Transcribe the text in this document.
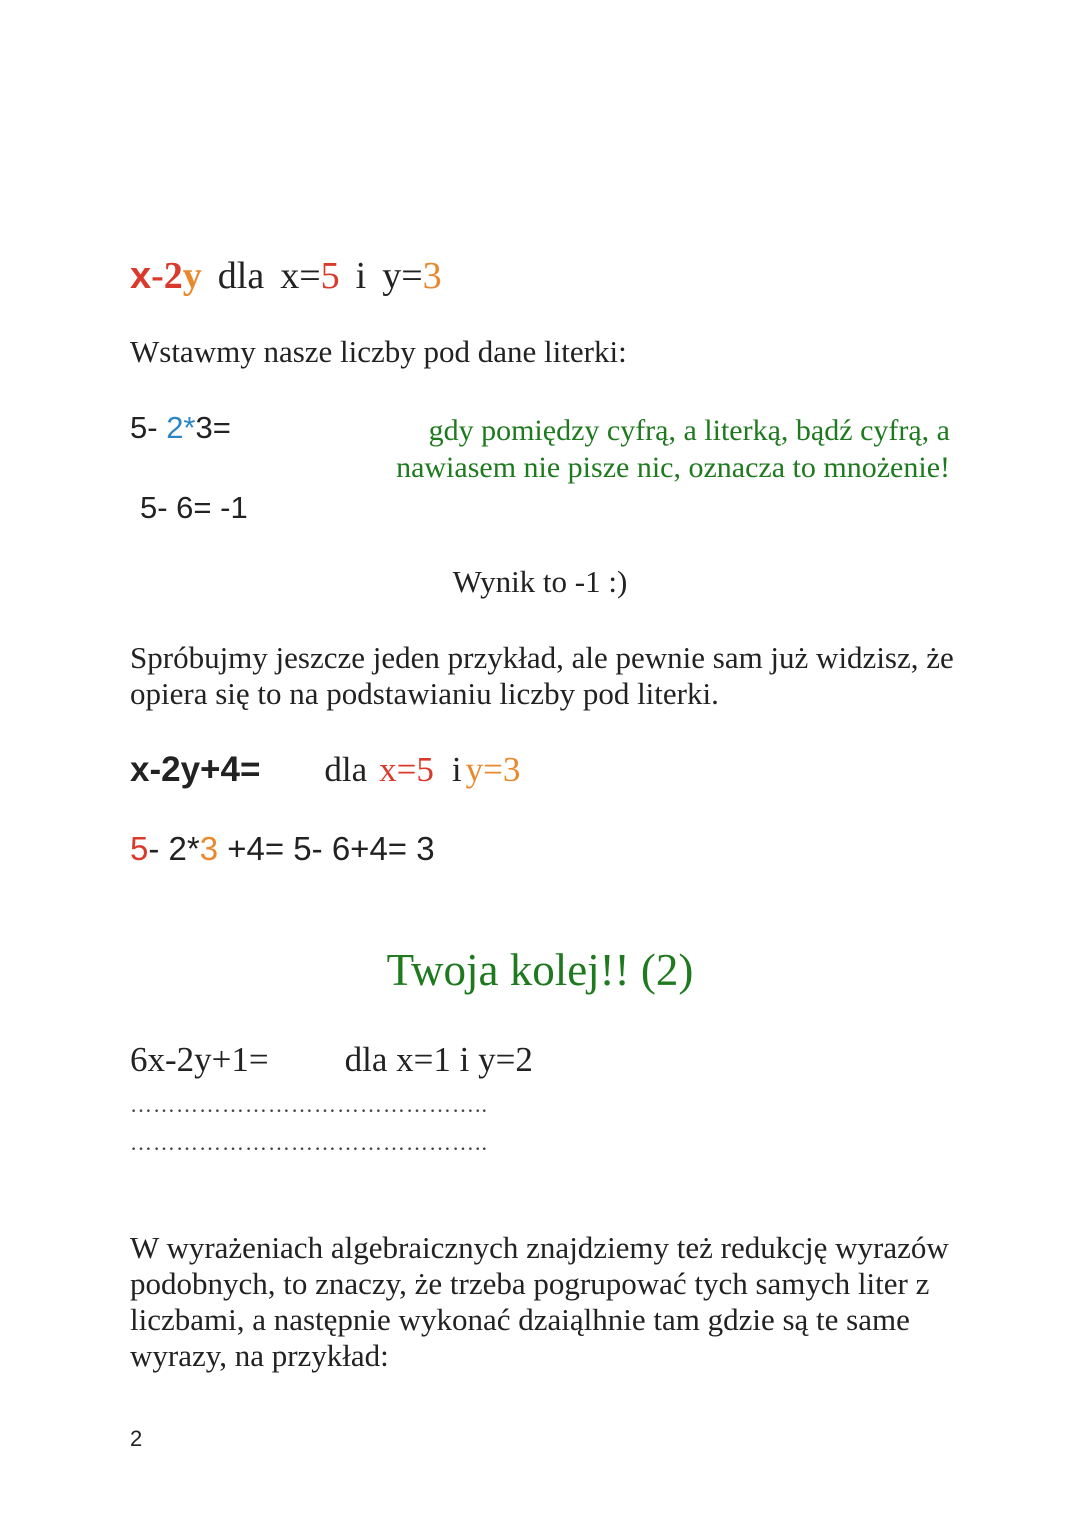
x-2y dla x=5 i y=3
Wstawmy nasze liczby pod dane literki:
5- 2*3=	gdy pomiędzy cyfrą, a literką, bądź cyfrą, a nawiasem nie pisze nic, oznacza to mnożenie!
5- 6= -1
Wynik to -1 :)
Spróbujmy jeszcze jeden przykład, ale pewnie sam już widzisz, że opiera się to na podstawianiu liczby pod literki.
x-2y+4= dla x=5 i y=3
5- 2*3 +4= 5- 6+4= 3
Twoja kolej!! (2)
6x-2y+1= dla x=1 i y=2
………………………………………..
………………………………………..
W wyrażeniach algebraicznych znajdziemy też redukcję wyrazów podobnych, to znaczy, że trzeba pogrupować tych samych liter z liczbami, a następnie wykonać dzaiąlhnie tam gdzie są te same wyrazy, na przykład:
2
